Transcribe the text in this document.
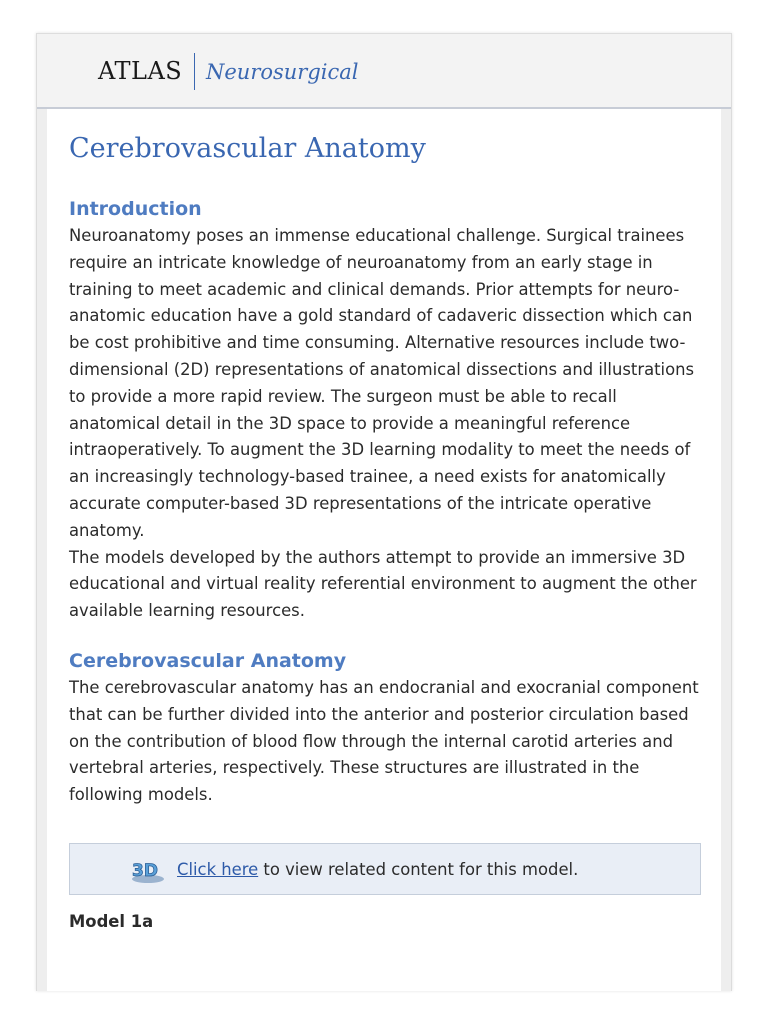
ATLAS Neurosurgical
Cerebrovascular Anatomy
Introduction

Neuroanatomy poses an immense educational challenge. Surgical trainees require an intricate knowledge of neuroanatomy from an early stage in training to meet academic and clinical demands. Prior attempts for neuro-anatomic education have a gold standard of cadaveric dissection which can be cost prohibitive and time consuming. Alternative resources include two-dimensional (2D) representations of anatomical dissections and illustrations to provide a more rapid review. The surgeon must be able to recall anatomical detail in the 3D space to provide a meaningful reference intraoperatively. To augment the 3D learning modality to meet the needs of an increasingly technology-based trainee, a need exists for anatomically accurate computer-based 3D representations of the intricate operative anatomy.

The models developed by the authors attempt to provide an immersive 3D educational and virtual reality referential environment to augment the other available learning resources.

Cerebrovascular Anatomy

The cerebrovascular anatomy has an endocranial and exocranial component that can be further divided into the anterior and posterior circulation based on the contribution of blood flow through the internal carotid arteries and vertebral arteries, respectively. These structures are illustrated in the following models.

3D Click here to view related content for this model.
Model 1a
